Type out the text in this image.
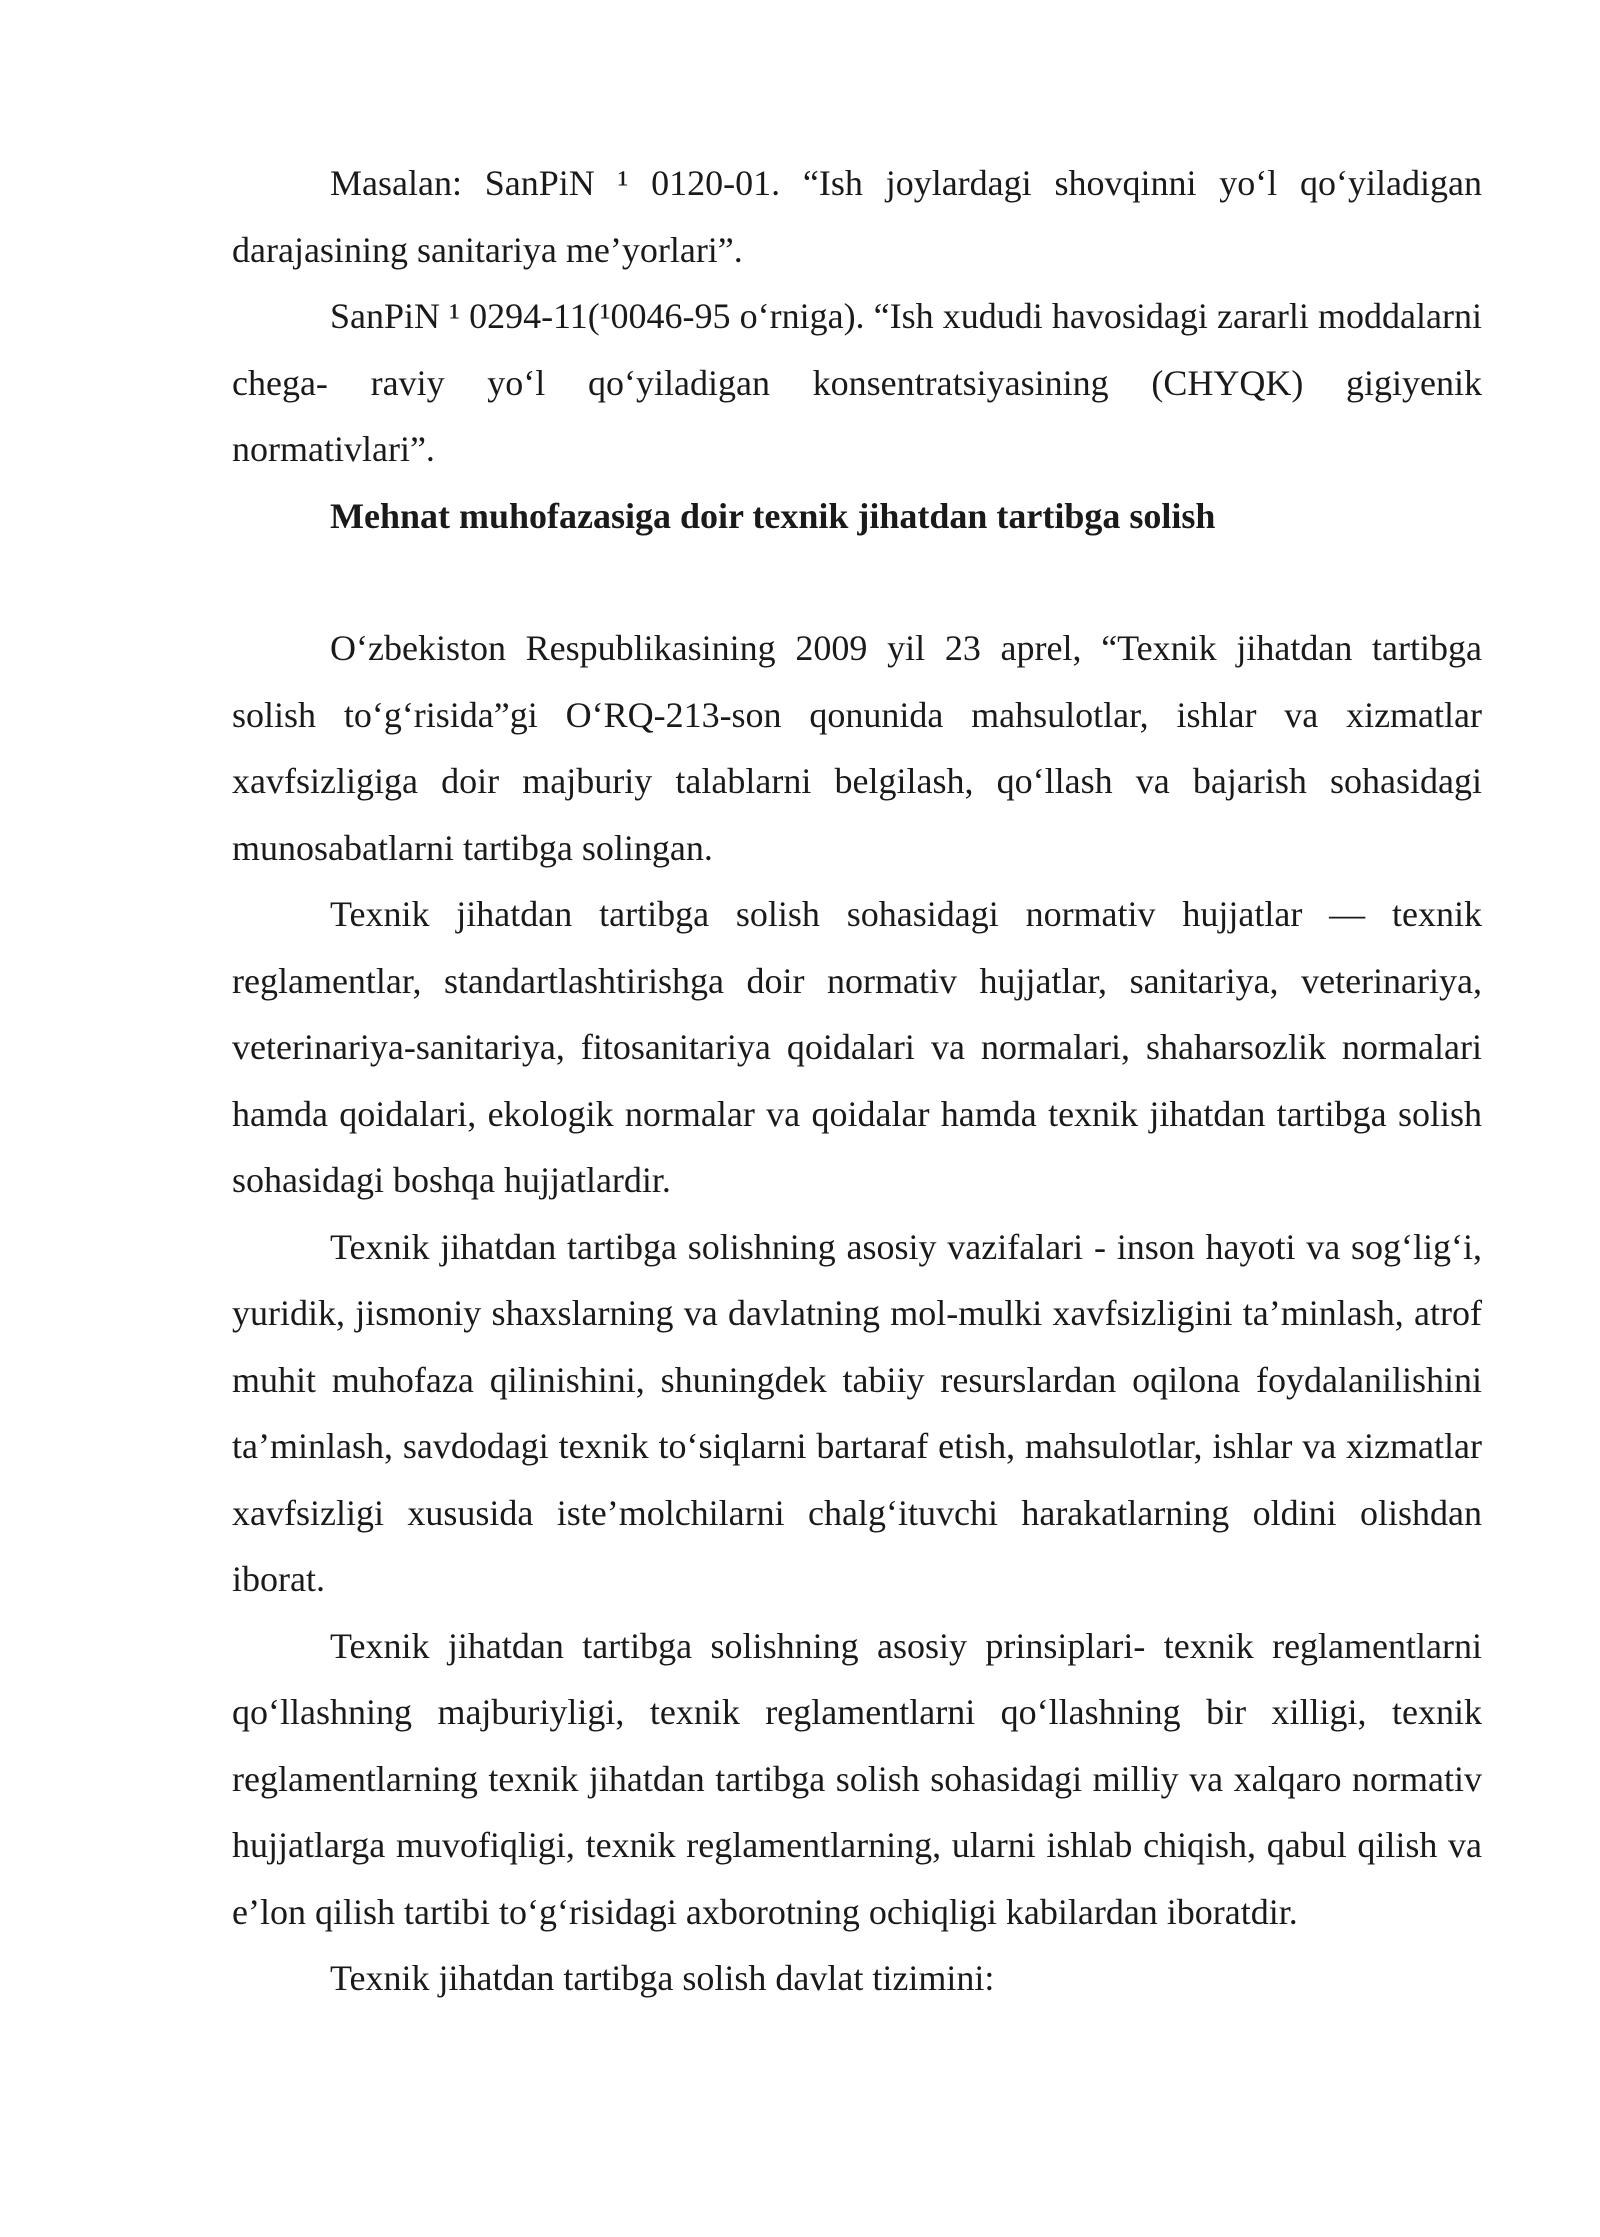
Masalan: SanPiN ¹ 0120-01. “Ish joylardagi shovqinni yo‘l qo‘yiladigan darajasining sanitariya me’yorlari”.

SanPiN ¹ 0294-11(¹0046-95 o‘rniga). “Ish xududi havosidagi zararli moddalarni chega- raviy yo‘l qo‘yiladigan konsentratsiyasining (CHYQK) gigiyenik normativlari”.

Mehnat muhofazasiga doir texnik jihatdan tartibga solish

O‘zbekiston Respublikasining 2009 yil 23 aprel, “Texnik jihatdan tartibga solish to‘g‘risida”gi O‘RQ-213-son qonunida mahsulotlar, ishlar va xizmatlar xavfsizligiga doir majburiy talablarni belgilash, qo‘llash va bajarish sohasidagi munosabatlarni tartibga solingan.

Texnik jihatdan tartibga solish sohasidagi normativ hujjatlar — texnik reglamentlar, standartlashtirishga doir normativ hujjatlar, sanitariya, veterinariya, veterinariya-sanitariya, fitosanitariya qoidalari va normalari, shaharsozlik normalari hamda qoidalari, ekologik normalar va qoidalar hamda texnik jihatdan tartibga solish sohasidagi boshqa hujjatlardir.

Texnik jihatdan tartibga solishning asosiy vazifalari - inson hayoti va sog‘lig‘i, yuridik, jismoniy shaxslarning va davlatning mol-mulki xavfsizligini ta’minlash, atrof muhit muhofaza qilinishini, shuningdek tabiiy resurslardan oqilona foydalanilishini ta’minlash, savdodagi texnik to‘siqlarni bartaraf etish, mahsulotlar, ishlar va xizmatlar xavfsizligi xususida iste’molchilarni chalg‘ituvchi harakatlarning oldini olishdan iborat.

Texnik jihatdan tartibga solishning asosiy prinsiplari- texnik reglamentlarni qo‘llashning majburiyligi, texnik reglamentlarni qo‘llashning bir xilligi, texnik reglamentlarning texnik jihatdan tartibga solish sohasidagi milliy va xalqaro normativ hujjatlarga muvofiqligi, texnik reglamentlarning, ularni ishlab chiqish, qabul qilish va e’lon qilish tartibi to‘g‘risidagi axborotning ochiqligi kabilardan iboratdir.

Texnik jihatdan tartibga solish davlat tizimini:
